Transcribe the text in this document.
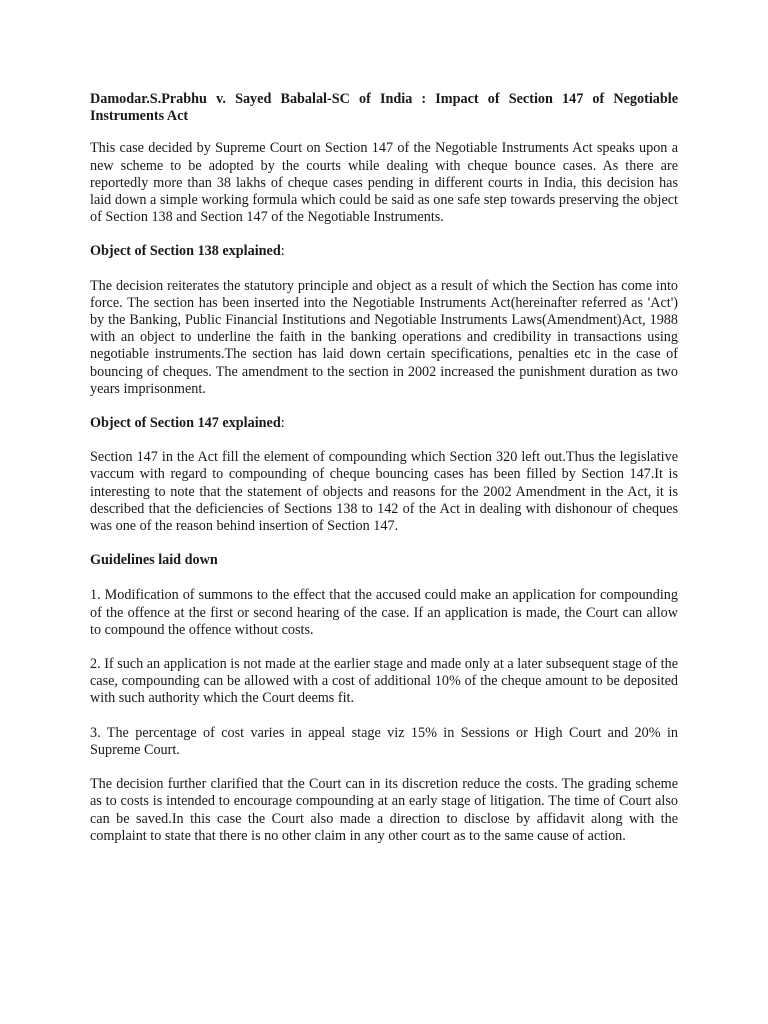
Damodar.S.Prabhu v. Sayed Babalal-SC of India : Impact of Section 147 of Negotiable Instruments Act
This case decided by Supreme Court on Section 147 of the Negotiable Instruments Act speaks upon a new scheme to be adopted by the courts while dealing with cheque bounce cases. As there are reportedly more than 38 lakhs of cheque cases pending in different courts in India, this decision has laid down a simple working formula which could be said as one safe step towards preserving the object of Section 138 and Section 147 of the Negotiable Instruments.
Object of Section 138 explained:
The decision reiterates the statutory principle and object as a result of which the Section has come into force. The section has been inserted into the Negotiable Instruments Act(hereinafter referred as 'Act') by the Banking, Public Financial Institutions and Negotiable Instruments Laws(Amendment)Act, 1988 with an object to underline the faith in the banking operations and credibility in transactions using negotiable instruments.The section has laid down certain specifications, penalties etc in the case of bouncing of cheques. The amendment to the section in 2002 increased the punishment duration as two years imprisonment.
Object of Section 147 explained:
Section 147 in the Act fill the element of compounding which Section 320 left out.Thus the legislative vaccum with regard to compounding of cheque bouncing cases has been filled by Section 147.It is interesting to note that the statement of objects and reasons for the 2002 Amendment in the Act, it is described that the deficiencies of Sections 138 to 142 of the Act in dealing with dishonour of cheques was one of the reason behind insertion of Section 147.
Guidelines laid down
1. Modification of summons to the effect that the accused could make an application for compounding of the offence at the first or second hearing of the case. If an application is made, the Court can allow to compound the offence without costs.
2. If such an application is not made at the earlier stage and made only at a later subsequent stage of the case, compounding can be allowed with a cost of additional 10% of the cheque amount to be deposited with such authority which the Court deems fit.
3. The percentage of cost varies in appeal stage viz 15% in Sessions or High Court and 20% in Supreme Court.
The decision further clarified that the Court can in its discretion reduce the costs. The grading scheme as to costs is intended to encourage compounding at an early stage of litigation. The time of Court also can be saved.In this case the Court also made a direction to disclose by affidavit along with the complaint to state that there is no other claim in any other court as to the same cause of action.
